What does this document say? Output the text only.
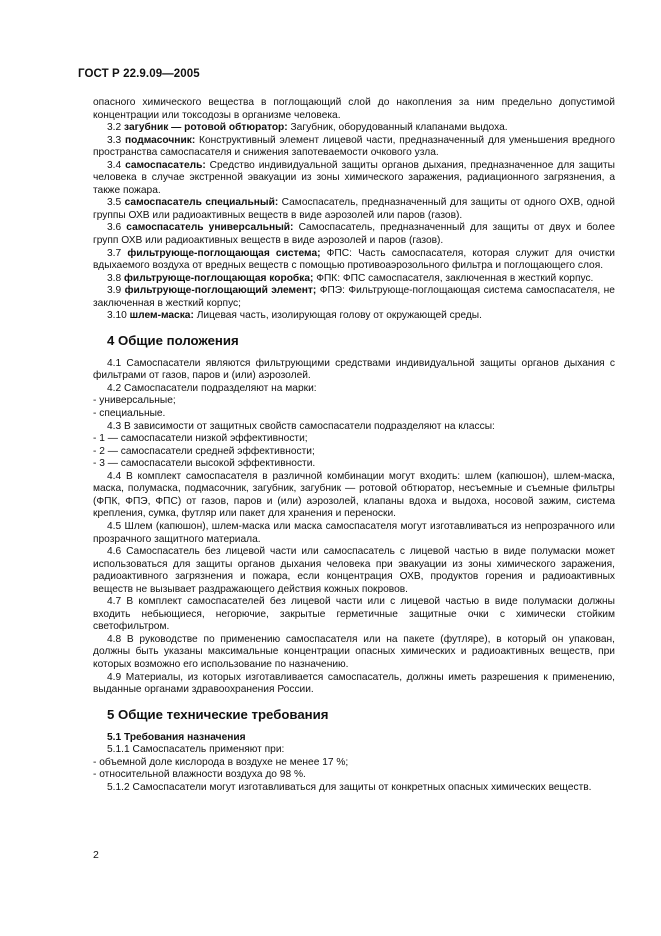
ГОСТ Р 22.9.09—2005

опасного химического вещества в поглощающий слой до накопления за ним предельно допустимой концентрации или токсодозы в организме человека.

3.2 загубник — ротовой обтюратор: Загубник, оборудованный клапанами выдоха.

3.3 подмасочник: Конструктивный элемент лицевой части, предназначенный для уменьшения вредного пространства самоспасателя и снижения запотеваемости очкового узла.

3.4 самоспасатель: Средство индивидуальной защиты органов дыхания, предназначенное для защиты человека в случае экстренной эвакуации из зоны химического заражения, радиационного загрязнения, а также пожара.

3.5 самоспасатель специальный: Самоспасатель, предназначенный для защиты от одного ОХВ, одной группы ОХВ или радиоактивных веществ в виде аэрозолей или паров (газов).

3.6 самоспасатель универсальный: Самоспасатель, предназначенный для защиты от двух и более групп ОХВ или радиоактивных веществ в виде аэрозолей и паров (газов).

3.7 фильтрующе-поглощающая система; ФПС: Часть самоспасателя, которая служит для очистки вдыхаемого воздуха от вредных веществ с помощью противоаэрозольного фильтра и поглощающего слоя.

3.8 фильтрующе-поглощающая коробка; ФПК: ФПС самоспасателя, заключенная в жесткий корпус.

3.9 фильтрующе-поглощающий элемент; ФПЭ: Фильтрующе-поглощающая система самоспасателя, не заключенная в жесткий корпус;

3.10 шлем-маска: Лицевая часть, изолирующая голову от окружающей среды.

4 Общие положения

4.1 Самоспасатели являются фильтрующими средствами индивидуальной защиты органов дыхания с фильтрами от газов, паров и (или) аэрозолей.

4.2 Самоспасатели подразделяют на марки:

- универсальные;

- специальные.

4.3 В зависимости от защитных свойств самоспасатели подразделяют на классы:

- 1 — самоспасатели низкой эффективности;

- 2 — самоспасатели средней эффективности;

- 3 — самоспасатели высокой эффективности.

4.4 В комплект самоспасателя в различной комбинации могут входить: шлем (капюшон), шлем-маска, маска, полумаска, подмасочник, загубник, загубник — ротовой обтюратор, несъемные и съемные фильтры (ФПК, ФПЭ, ФПС) от газов, паров и (или) аэрозолей, клапаны вдоха и выдоха, носовой зажим, система крепления, сумка, футляр или пакет для хранения и переноски.

4.5 Шлем (капюшон), шлем-маска или маска самоспасателя могут изготавливаться из непрозрачного или прозрачного защитного материала.

4.6 Самоспасатель без лицевой части или самоспасатель с лицевой частью в виде полумаски может использоваться для защиты органов дыхания человека при эвакуации из зоны химического заражения, радиоактивного загрязнения и пожара, если концентрация ОХВ, продуктов горения и радиоактивных веществ не вызывает раздражающего действия кожных покровов.

4.7 В комплект самоспасателей без лицевой части или с лицевой частью в виде полумаски должны входить небьющиеся, негорючие, закрытые герметичные защитные очки с химически стойким светофильтром.

4.8 В руководстве по применению самоспасателя или на пакете (футляре), в который он упакован, должны быть указаны максимальные концентрации опасных химических и радиоактивных веществ, при которых возможно его использование по назначению.

4.9 Материалы, из которых изготавливается самоспасатель, должны иметь разрешения к применению, выданные органами здравоохранения России.

5 Общие технические требования

5.1 Требования назначения

5.1.1 Самоспасатель применяют при:

- объемной доле кислорода в воздухе не менее 17 %;

- относительной влажности воздуха до 98 %.

5.1.2 Самоспасатели могут изготавливаться для защиты от конкретных опасных химических веществ.

2
